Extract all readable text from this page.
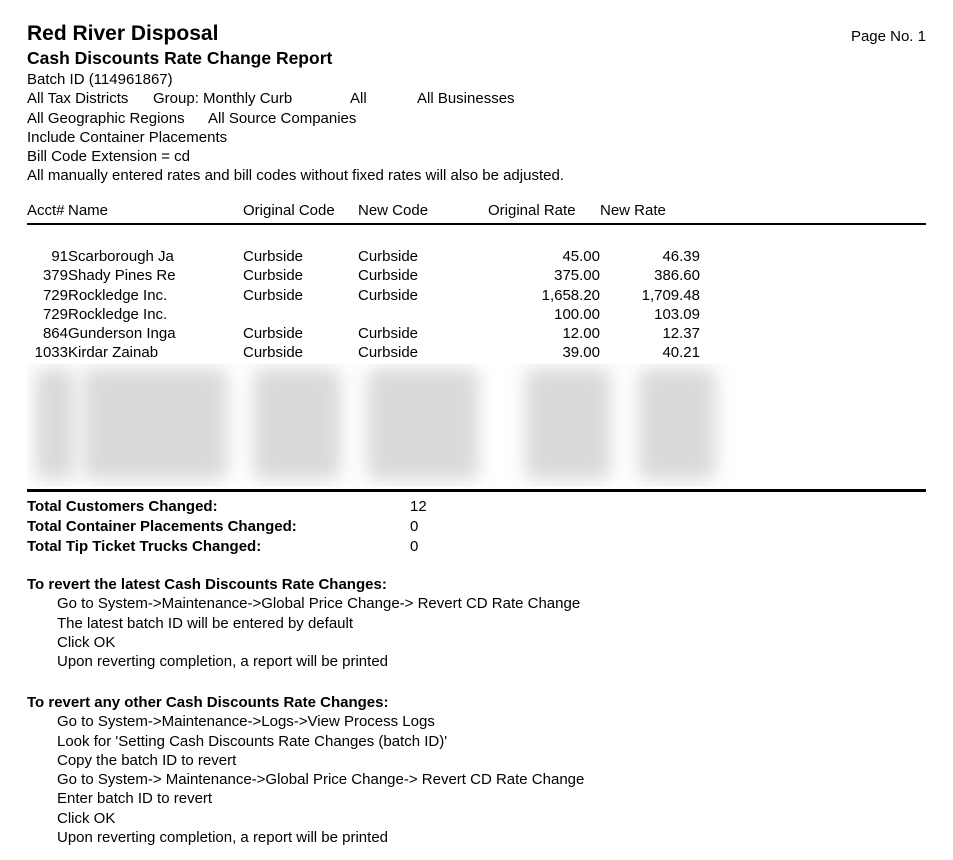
Red River Disposal	Page No. 1
Cash Discounts Rate Change Report
Batch ID (114961867)
All Tax Districts Group: Monthly Curb	All	All Businesses
All Geographic Regions All Source Companies
Include Container Placements
Bill Code Extension = cd
All manually entered rates and bill codes without fixed rates will also be adjusted.
Acct#	Name	Original Code	New Code	Original Rate	New Rate	

91	Scarborough Ja	Curbside	Curbside	45.00	46.39	
379	Shady Pines Re	Curbside	Curbside	375.00	386.60	
729	Rockledge Inc.	Curbside	Curbside	1,658.20	1,709.48	
729	Rockledge Inc.			100.00	103.09	
864	Gunderson Inga	Curbside	Curbside	12.00	12.37	
1033	Kirdar Zainab	Curbside	Curbside	39.00	40.21	
Total Customers Changed:	12
Total Container Placements Changed:	0
Total Tip Ticket Trucks Changed:	0
To revert the latest Cash Discounts Rate Changes:
Go to System->Maintenance->Global Price Change-> Revert CD Rate Change
The latest batch ID will be entered by default
Click OK
Upon reverting completion, a report will be printed
To revert any other Cash Discounts Rate Changes:
Go to System->Maintenance->Logs->View Process Logs
Look for 'Setting Cash Discounts Rate Changes (batch ID)'
Copy the batch ID to revert
Go to System-> Maintenance->Global Price Change-> Revert CD Rate Change
Enter batch ID to revert
Click OK
Upon reverting completion, a report will be printed
